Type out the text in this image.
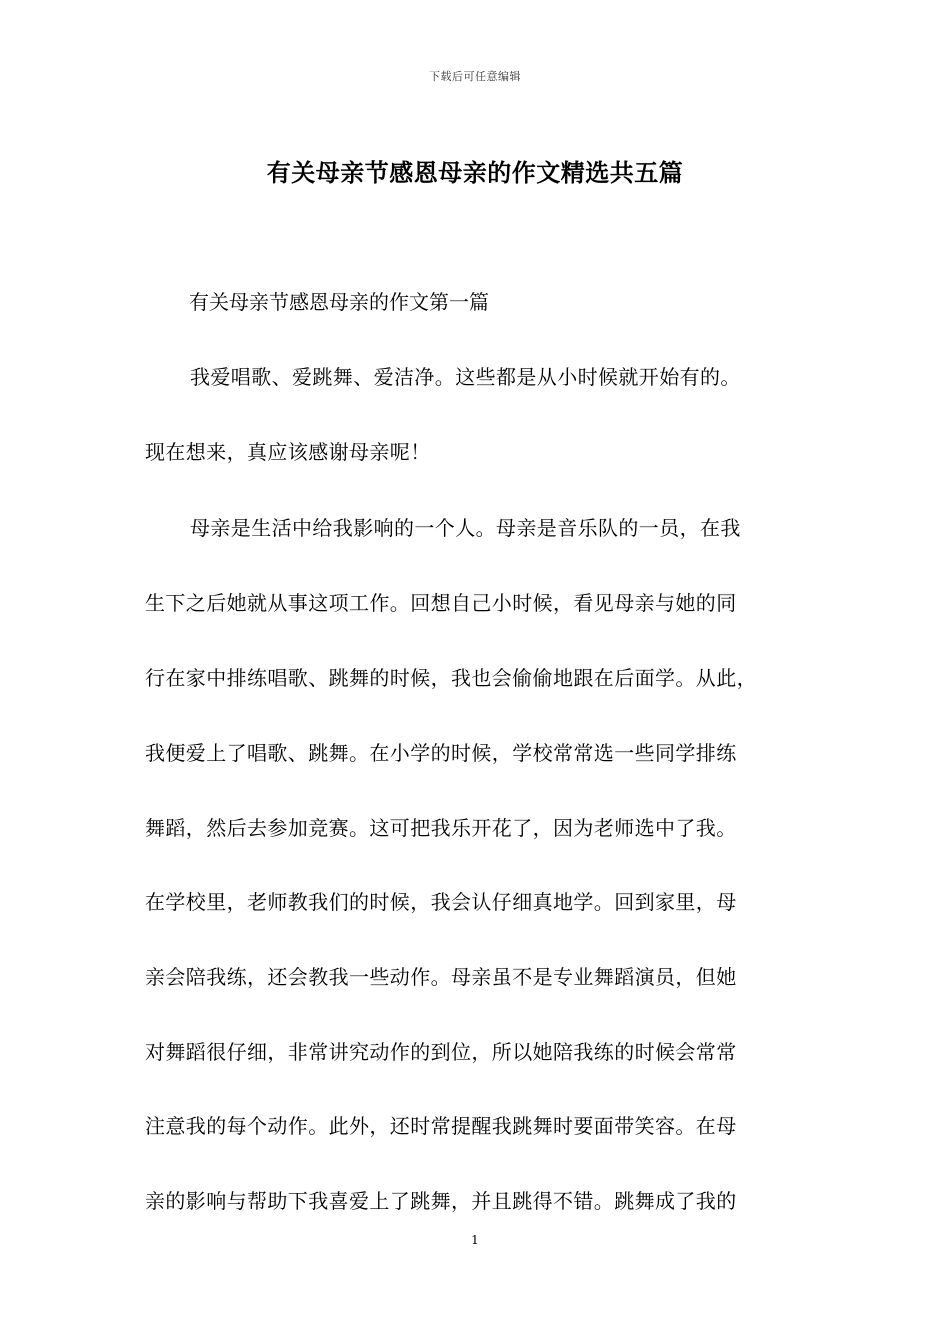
下载后可任意编辑
有关母亲节感恩母亲的作文精选共五篇
有关母亲节感恩母亲的作文第一篇
我爱唱歌、爱跳舞、爱洁净。这些都是从小时候就开始有的。
现在想来，真应该感谢母亲呢！
母亲是生活中给我影响的一个人。母亲是音乐队的一员，在我
生下之后她就从事这项工作。回想自己小时候，看见母亲与她的同
行在家中排练唱歌、跳舞的时候，我也会偷偷地跟在后面学。从此，
我便爱上了唱歌、跳舞。在小学的时候，学校常常选一些同学排练
舞蹈，然后去参加竞赛。这可把我乐开花了，因为老师选中了我。
在学校里，老师教我们的时候，我会认仔细真地学。回到家里，母
亲会陪我练，还会教我一些动作。母亲虽不是专业舞蹈演员，但她
对舞蹈很仔细，非常讲究动作的到位，所以她陪我练的时候会常常
注意我的每个动作。此外，还时常提醒我跳舞时要面带笑容。在母
亲的影响与帮助下我喜爱上了跳舞，并且跳得不错。跳舞成了我的
1
